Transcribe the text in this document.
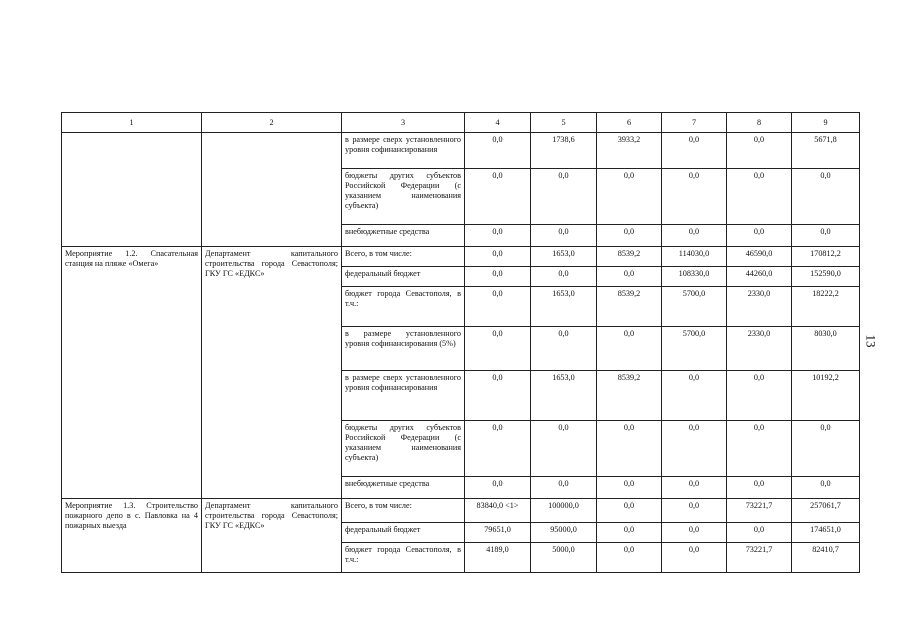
1	2	3	4	5	6	7	8	9
		в размере сверх установленного уровня софинансирования	0,0	1738,6	3933,2	0,0	0,0	5671,8
		бюджеты других субъектов Российской Федерации (с указанием наименования субъекта)	0,0	0,0	0,0	0,0	0,0	0,0
		внебюджетные средства	0,0	0,0	0,0	0,0	0,0	0,0
Мероприятие 1.2. Спасательная станция на пляже «Омега»	Департамент капитального строительства города Севастополя; ГКУ ГС «ЕДКС»	Всего, в том числе:	0,0	1653,0	8539,2	114030,0	46590,0	170812,2
		федеральный бюджет	0,0	0,0	0,0	108330,0	44260,0	152590,0
		бюджет города Севастополя, в т.ч.:	0,0	1653,0	8539,2	5700,0	2330,0	18222,2
		в размере установленного уровня софинансирования (5%)	0,0	0,0	0,0	5700,0	2330,0	8030,0
		в размере сверх установленного уровня софинансирования	0,0	1653,0	8539,2	0,0	0,0	10192,2
		бюджеты других субъектов Российской Федерации (с указанием наименования субъекта)	0,0	0,0	0,0	0,0	0,0	0,0
		внебюджетные средства	0,0	0,0	0,0	0,0	0,0	0,0
Мероприятие 1.3. Строительство пожарного депо в с. Павловка на 4 пожарных выезда	Департамент капитального строительства города Севастополя; ГКУ ГС «ЕДКС»	Всего, в том числе:	83840,0 <1>	100000,0	0,0	0,0	73221,7	257061,7
		федеральный бюджет	79651,0	95000,0	0,0	0,0	0,0	174651,0
		бюджет города Севастополя, в т.ч.:	4189,0	5000,0	0,0	0,0	73221,7	82410,7
13
